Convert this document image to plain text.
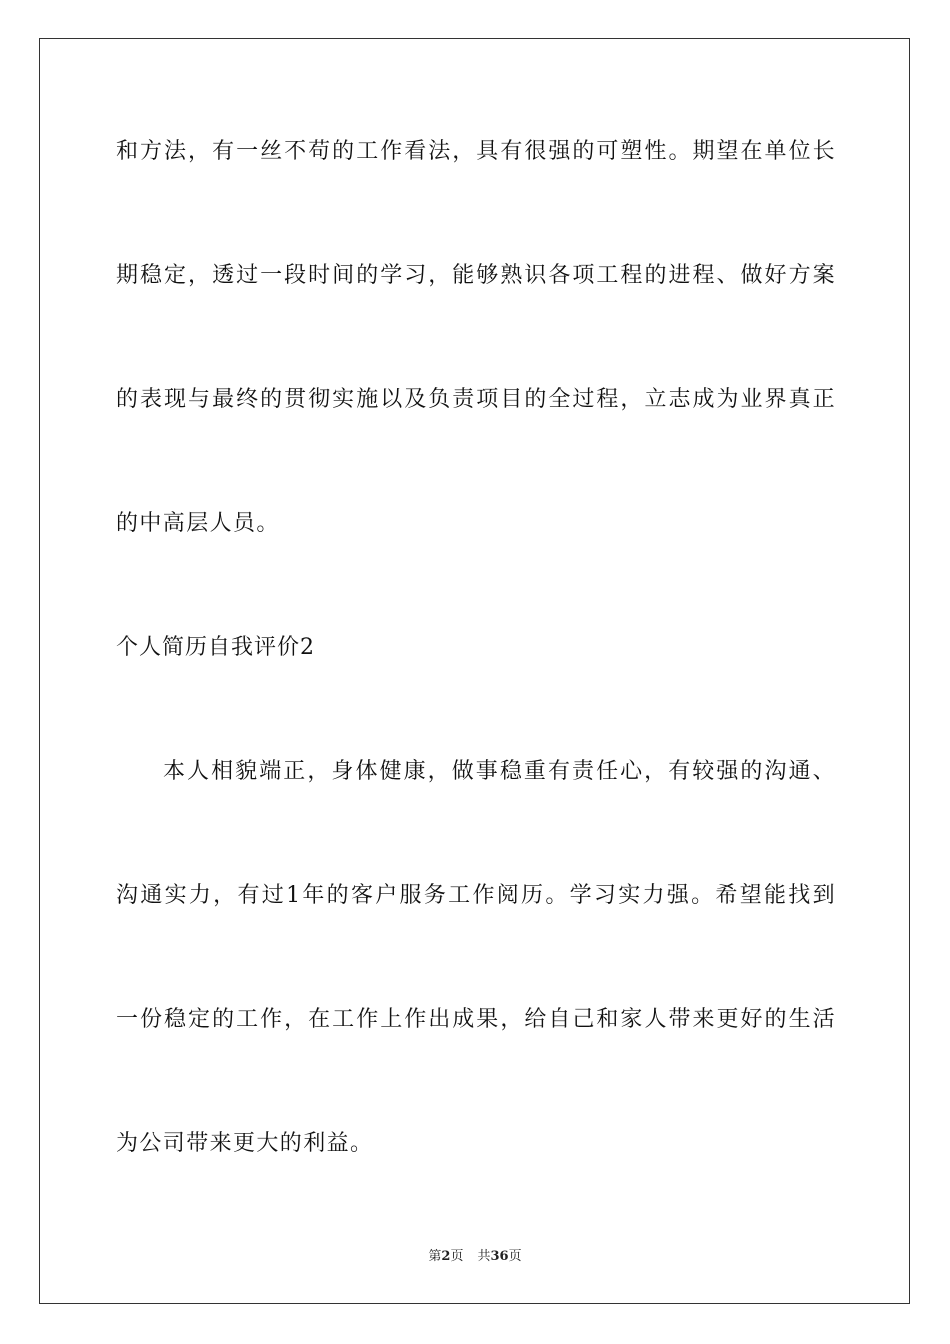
和方法，有一丝不苟的工作看法，具有很强的可塑性。期望在单位长
期稳定，透过一段时间的学习，能够熟识各项工程的进程、做好方案
的表现与最终的贯彻实施以及负责项目的全过程，立志成为业界真正
的中高层人员。
个人简历自我评价2
本人相貌端正，身体健康，做事稳重有责任心，有较强的沟通、
沟通实力，有过1年的客户服务工作阅历。学习实力强。希望能找到
一份稳定的工作，在工作上作出成果，给自己和家人带来更好的生活
为公司带来更大的利益。
第2页 共36页
